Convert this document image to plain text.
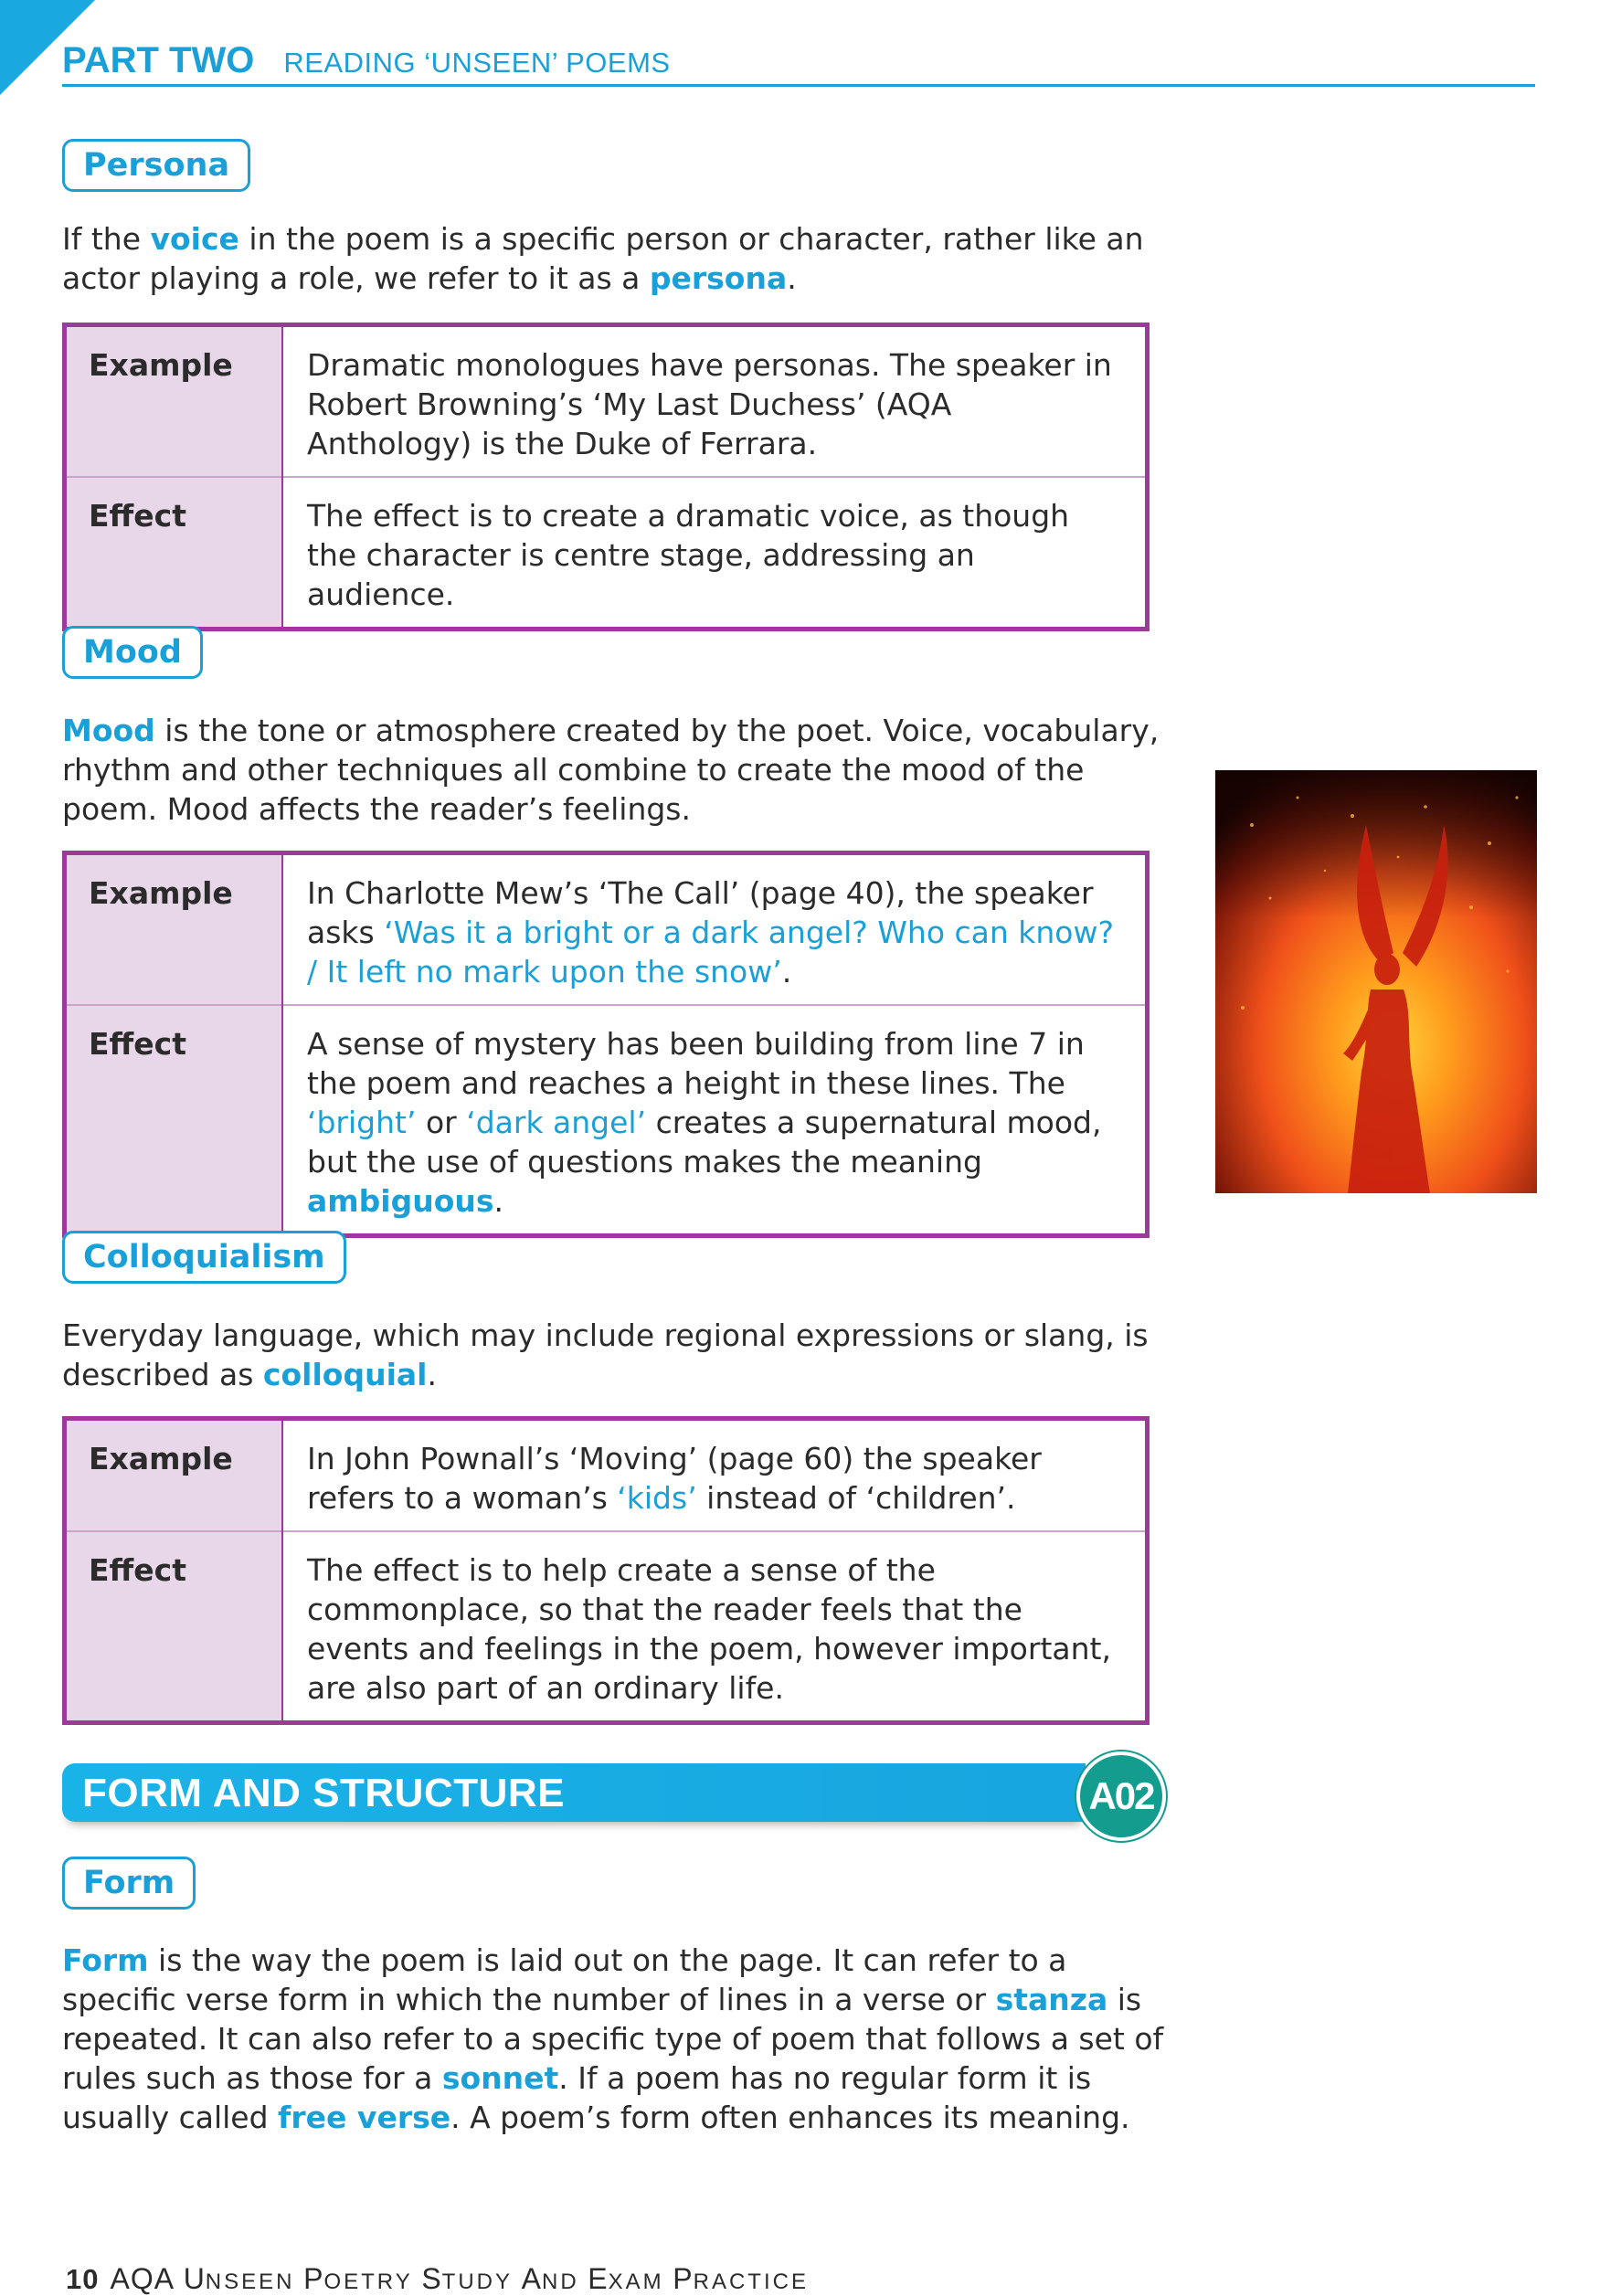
PART TWO READING ‘UNSEEN’ POEMS
Persona
If the voice in the poem is a specific person or character, rather like an actor playing a role, we refer to it as a persona.
Example	Dramatic monologues have personas. The speaker in Robert Browning’s ‘My Last Duchess’ (AQA Anthology) is the Duke of Ferrara.
Effect	The effect is to create a dramatic voice, as though the character is centre stage, addressing an audience.
Mood
Mood is the tone or atmosphere created by the poet. Voice, vocabulary, rhythm and other techniques all combine to create the mood of the poem. Mood affects the reader’s feelings.
Example	In Charlotte Mew’s ‘The Call’ (page 40), the speaker asks ‘Was it a bright or a dark angel? Who can know? / It left no mark upon the snow’.
Effect	A sense of mystery has been building from line 7 in the poem and reaches a height in these lines. The ‘bright’ or ‘dark angel’ creates a supernatural mood, but the use of questions makes the meaning ambiguous.
Colloquialism
Everyday language, which may include regional expressions or slang, is described as colloquial.
Example	In John Pownall’s ‘Moving’ (page 60) the speaker refers to a woman’s ‘kids’ instead of ‘children’.
Effect	The effect is to help create a sense of the commonplace, so that the reader feels that the events and feelings in the poem, however important, are also part of an ordinary life.
FORM AND STRUCTURE	A02
Form
Form is the way the poem is laid out on the page. It can refer to a specific verse form in which the number of lines in a verse or stanza is repeated. It can also refer to a specific type of poem that follows a set of rules such as those for a sonnet. If a poem has no regular form it is usually called free verse. A poem’s form often enhances its meaning.
10 AQA UNSEEN POETRY STUDY AND EXAM PRACTICE
